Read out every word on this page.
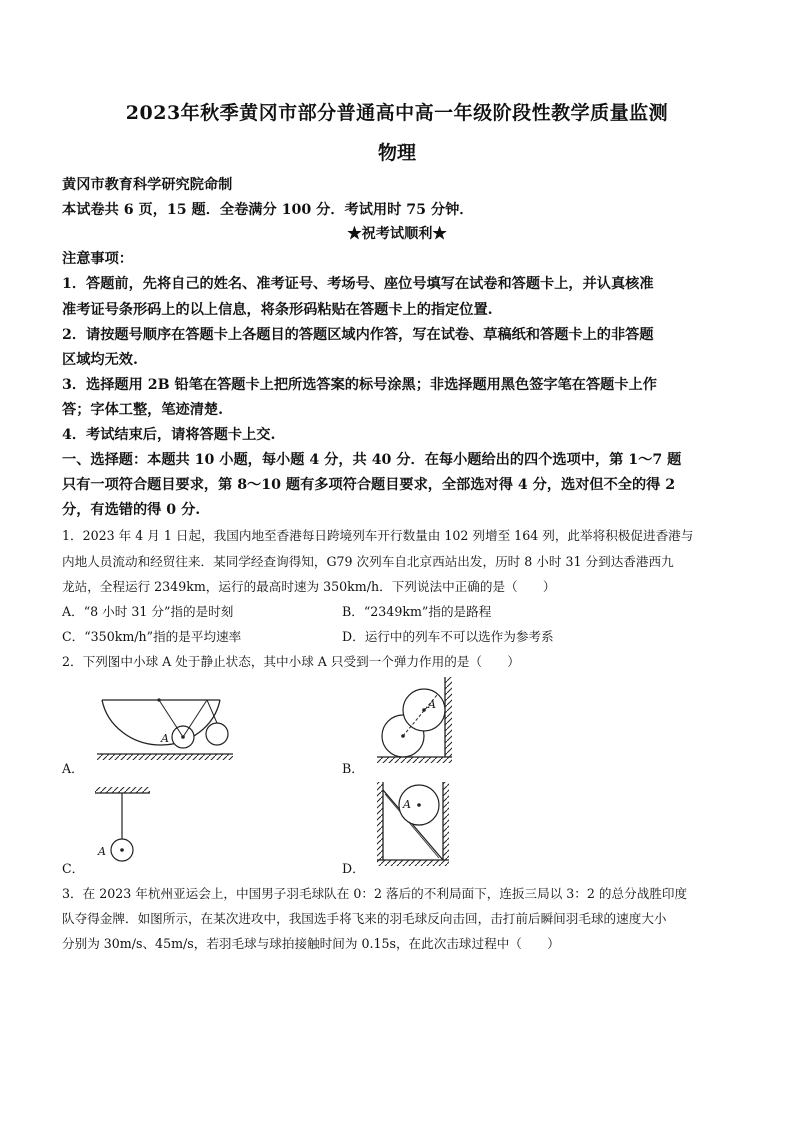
2023年秋季黄冈市部分普通高中高一年级阶段性教学质量监测
物理
黄冈市教育科学研究院命制
本试卷共 6 页，15 题．全卷满分 100 分．考试用时 75 分钟．
★祝考试顺利★
注意事项：
1．答题前，先将自己的姓名、准考证号、考场号、座位号填写在试卷和答题卡上，并认真核准
准考证号条形码上的以上信息，将条形码粘贴在答题卡上的指定位置.
2．请按题号顺序在答题卡上各题目的答题区域内作答，写在试卷、草稿纸和答题卡上的非答题
区域均无效.
3．选择题用 2B 铅笔在答题卡上把所选答案的标号涂黑；非选择题用黑色签字笔在答题卡上作
答；字体工整，笔迹清楚.
4．考试结束后，请将答题卡上交.
一、选择题：本题共 10 小题，每小题 4 分，共 40 分．在每小题给出的四个选项中，第 1～7 题
只有一项符合题目要求，第 8～10 题有多项符合题目要求，全部选对得 4 分，选对但不全的得 2
分，有选错的得 0 分.
1．2023 年 4 月 1 日起，我国内地至香港每日跨境列车开行数量由 102 列增至 164 列，此举将积极促进香港与
内地人员流动和经贸往来．某同学经查询得知，G79 次列车自北京西站出发，历时 8 小时 31 分到达香港西九
龙站，全程运行 2349km，运行的最高时速为 350km/h．下列说法中正确的是（　　）
A．“8 小时 31 分”指的是时刻	B．“2349km”指的是路程
C．“350km/h”指的是平均速率	D．运行中的列车不可以选作为参考系
2．下列图中小球 A 处于静止状态，其中小球 A 只受到一个弹力作用的是（　　）
A
A．
A
B．
A
C．
A
D．
3．在 2023 年杭州亚运会上，中国男子羽毛球队在 0：2 落后的不利局面下，连扳三局以 3：2 的总分战胜印度
队夺得金牌．如图所示，在某次进攻中，我国选手将飞来的羽毛球反向击回，击打前后瞬间羽毛球的速度大小
分别为 30m/s、45m/s，若羽毛球与球拍接触时间为 0.15s，在此次击球过程中（　　）
